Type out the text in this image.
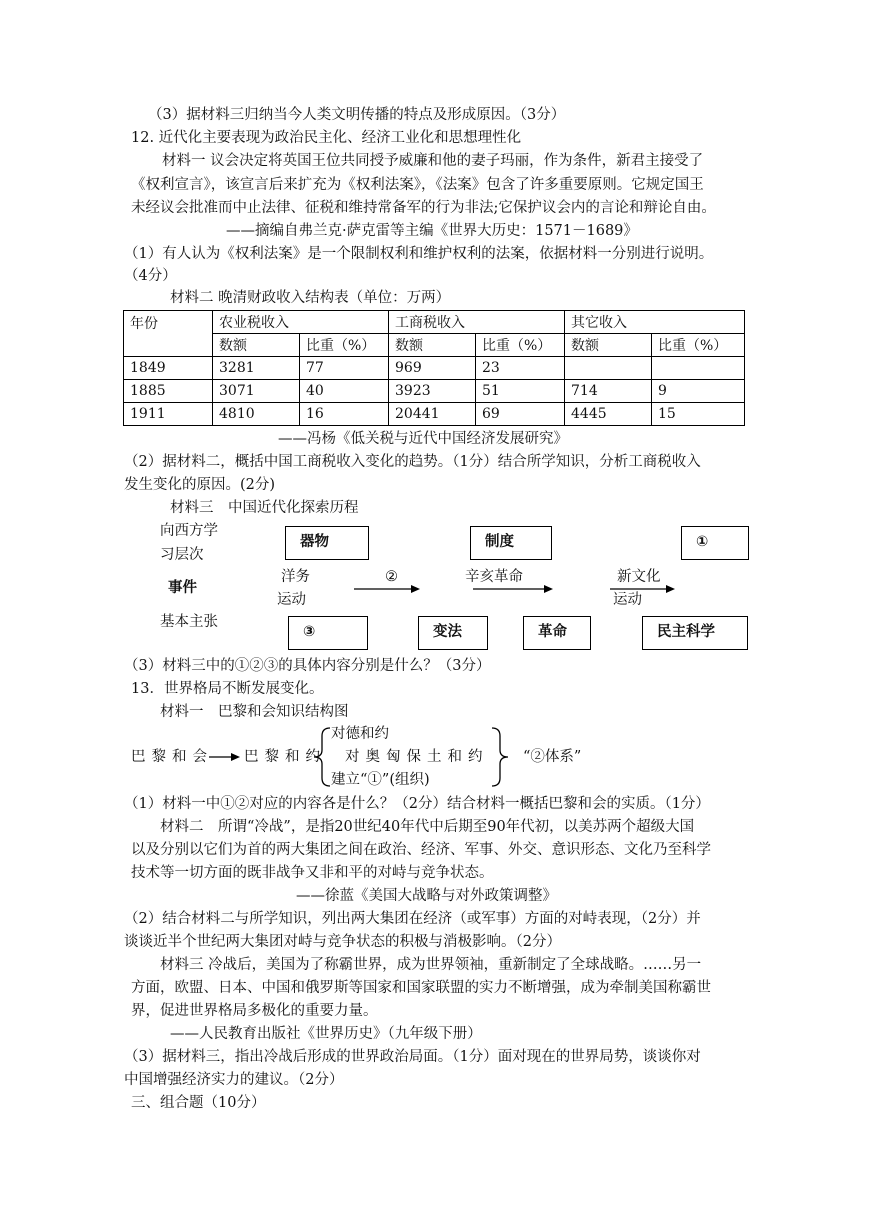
（3）据材料三归纳当今人类文明传播的特点及形成原因。（3分）
12. 近代化主要表现为政治民主化、经济工业化和思想理性化
材料一 议会决定将英国王位共同授予威廉和他的妻子玛丽，作为条件，新君主接受了
《权利宣言》，该宣言后来扩充为《权利法案》，《法案》包含了许多重要原则。它规定国王
未经议会批准而中止法律、征税和维持常备军的行为非法;它保护议会内的言论和辩论自由。
——摘编自弗兰克·萨克雷等主编《世界大历史：1571－1689》
（1）有人认为《权利法案》是一个限制权利和维护权利的法案，依据材料一分别进行说明。
（4分）
材料二 晚清财政收入结构表（单位：万两）
年份	农业税收入		工商税收入		其它收入	
	数额	比重（%）	数额	比重（%）	数额	比重（%）
1849	3281	77	969	23		
1885	3071	40	3923	51	714	9
1911	4810	16	20441	69	4445	15
——冯杨《低关税与近代中国经济发展研究》
（2）据材料二，概括中国工商税收入变化的趋势。（1分）结合所学知识，分析工商税收入
发生变化的原因。(2分)
材料三　中国近代化探索历程
向西方学
习层次
事件
基本主张
器物	制度	①
洋务
运动
②	辛亥革命	新文化
运动
③	变法	革命	民主科学
（3）材料三中的①②③的具体内容分别是什么？（3分）
13．世界格局不断发展变化。
材料一　巴黎和会知识结构图
巴黎和会 巴黎和约
对德和约
对奥匈保土和约
建立“①”(组织)
“②体系”
（1）材料一中①②对应的内容各是什么？（2分）结合材料一概括巴黎和会的实质。（1分）
材料二　所谓“冷战”，是指20世纪40年代中后期至90年代初，以美苏两个超级大国
以及分别以它们为首的两大集团之间在政治、经济、军事、外交、意识形态、文化乃至科学
技术等一切方面的既非战争又非和平的对峙与竞争状态。
——徐蓝《美国大战略与对外政策调整》
（2）结合材料二与所学知识，列出两大集团在经济（或军事）方面的对峙表现，（2分）并
谈谈近半个世纪两大集团对峙与竞争状态的积极与消极影响。（2分）
材料三 冷战后，美国为了称霸世界，成为世界领袖，重新制定了全球战略。……另一
方面，欧盟、日本、中国和俄罗斯等国家和国家联盟的实力不断增强，成为牵制美国称霸世
界，促进世界格局多极化的重要力量。
——人民教育出版社《世界历史》（九年级下册）
（3）据材料三，指出冷战后形成的世界政治局面。（1分）面对现在的世界局势，谈谈你对
中国增强经济实力的建议。（2分）
三、组合题（10分）
